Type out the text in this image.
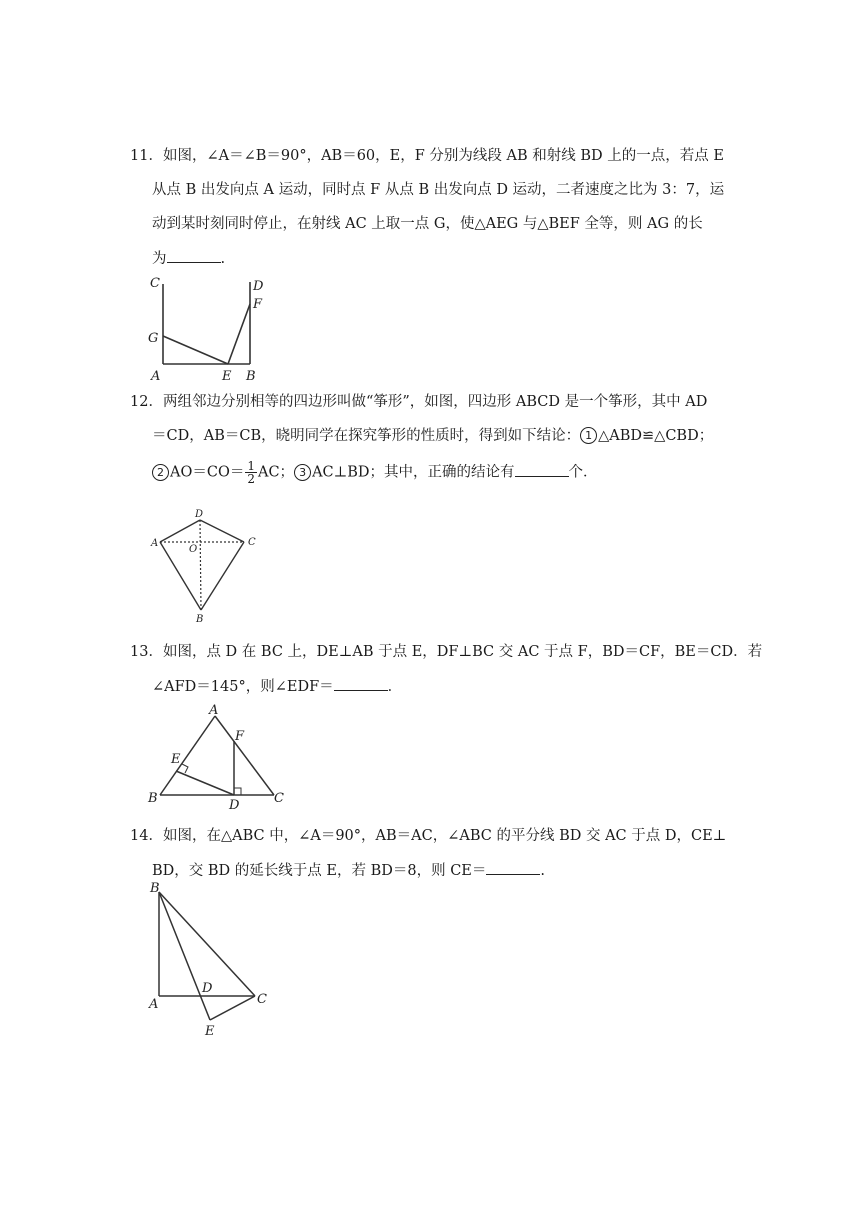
11．如图，∠A＝∠B＝90°，AB＝60，E，F 分别为线段 AB 和射线 BD 上的一点，若点 E
从点 B 出发向点 A 运动，同时点 F 从点 B 出发向点 D 运动，二者速度之比为 3：7，运
动到某时刻同时停止，在射线 AC 上取一点 G，使△AEG 与△BEF 全等，则 AG 的长
为	.
C	D
F
G
A	E B
12．两组邻边分别相等的四边形叫做“筝形”，如图，四边形 ABCD 是一个筝形，其中 AD
＝CD，AB＝CB，晓明同学在探究筝形的性质时，得到如下结论： 1 △ABD≌△CBD；
2 $AO=CO= \frac{1}{2}$ AC； 3 AC⊥BD；其中，正确的结论有	个．
D
A
O
C
B
13．如图，点 D 在 BC 上，DE⊥AB 于点 E，DF⊥BC 交 AC 于点 F，BD＝CF，BE＝CD．若
∠AFD＝145°，则∠EDF＝	．
A
F
E
B	D	C
14．如图，在△ABC 中，∠A＝90°，AB＝AC，∠ABC 的平分线 BD 交 AC 于点 D，CE⊥
BD，交 BD 的延长线于点 E，若 BD＝8，则 CE＝	.
B
A
D
C
E
